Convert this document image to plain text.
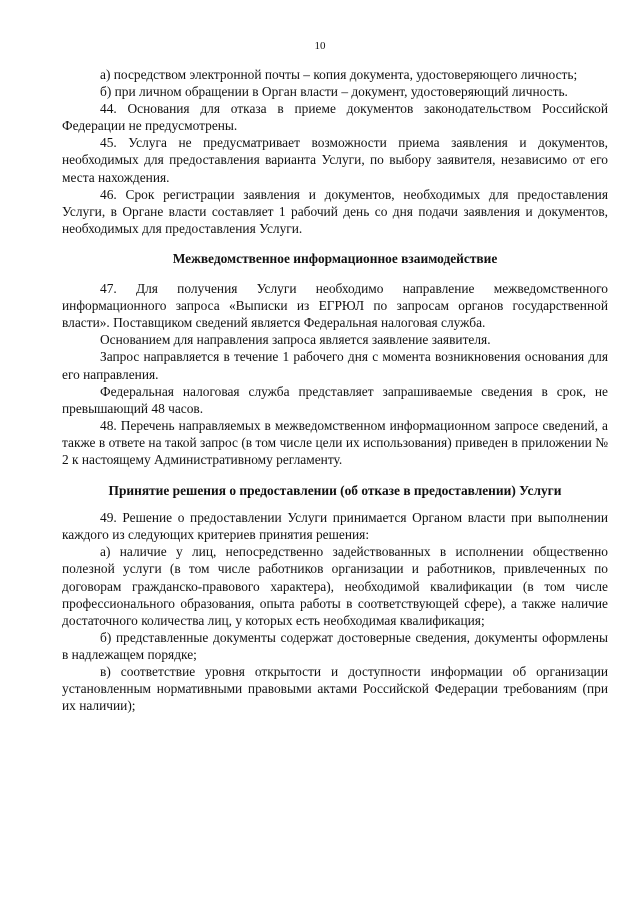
10

а) посредством электронной почты – копия документа, удостоверяющего личность;

б) при личном обращении в Орган власти – документ, удостоверяющий личность.

44. Основания для отказа в приеме документов законодательством Российской Федерации не предусмотрены.

45. Услуга не предусматривает возможности приема заявления и документов, необходимых для предоставления варианта Услуги, по выбору заявителя, независимо от его места нахождения.

46. Срок регистрации заявления и документов, необходимых для предоставления Услуги, в Органе власти составляет 1 рабочий день со дня подачи заявления и документов, необходимых для предоставления Услуги.

Межведомственное информационное взаимодействие

47. Для получения Услуги необходимо направление межведомственного информационного запроса «Выписки из ЕГРЮЛ по запросам органов государственной власти». Поставщиком сведений является Федеральная налоговая служба.

Основанием для направления запроса является заявление заявителя.

Запрос направляется в течение 1 рабочего дня с момента возникновения основания для его направления.

Федеральная налоговая служба представляет запрашиваемые сведения в срок, не превышающий 48 часов.

48. Перечень направляемых в межведомственном информационном запросе сведений, а также в ответе на такой запрос (в том числе цели их использования) приведен в приложении № 2 к настоящему Административному регламенту.

Принятие решения о предоставлении (об отказе в предоставлении) Услуги

49. Решение о предоставлении Услуги принимается Органом власти при выполнении каждого из следующих критериев принятия решения:

а) наличие у лиц, непосредственно задействованных в исполнении общественно полезной услуги (в том числе работников организации и работников, привлеченных по договорам гражданско-правового характера), необходимой квалификации (в том числе профессионального образования, опыта работы в соответствующей сфере), а также наличие достаточного количества лиц, у которых есть необходимая квалификация;

б) представленные документы содержат достоверные сведения, документы оформлены в надлежащем порядке;

в) соответствие уровня открытости и доступности информации об организации установленным нормативными правовыми актами Российской Федерации требованиям (при их наличии);
